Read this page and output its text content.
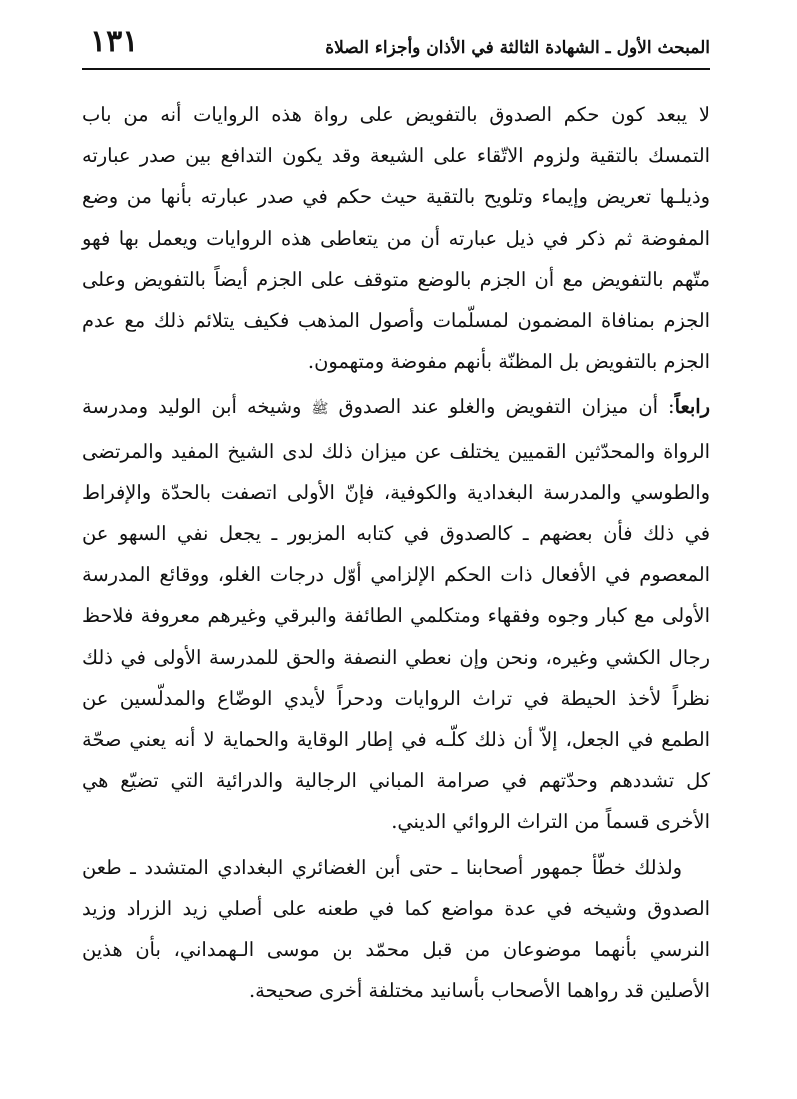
المبحث الأول ـ الشهادة الثالثة في الأذان وأجزاء الصلاة
١٣١

لا يبعد كون حكم الصدوق بالتفويض على رواة هذه الروايات أنه من باب التمسك بالتقية ولزوم الاتّقاء على الشيعة وقد يكون التدافع بين صدر عبارته وذيلـها تعريض وإيماء وتلويح بالتقية حيث حكم في صدر عبارته بأنها من وضع المفوضة ثم ذكر في ذيل عبارته أن من يتعاطى هذه الروايات ويعمل بها فهو متّهم بالتفويض مع أن الجزم بالوضع متوقف على الجزم أيضاً بالتفويض وعلى الجزم بمنافاة المضمون لمسلّمات وأصول المذهب فكيف يتلائم ذلك مع عدم الجزم بالتفويض بل المظنّة بأنهم مفوضة ومتهمون.

رابعاً: أن ميزان التفويض والغلو عند الصدوق ﷺ وشيخه أبن الوليد ومدرسة الرواة والمحدّثين القميين يختلف عن ميزان ذلك لدى الشيخ المفيد والمرتضى والطوسي والمدرسة البغدادية والكوفية، فإنّ الأولى اتصفت بالحدّة والإفراط في ذلك فأن بعضهم ـ كالصدوق في كتابه المزبور ـ يجعل نفي السهو عن المعصوم في الأفعال ذات الحكم الإلزامي أوّل درجات الغلو، ووقائع المدرسة الأولى مع كبار وجوه وفقهاء ومتكلمي الطائفة والبرقي وغيرهم معروفة فلاحظ رجال الكشي وغيره، ونحن وإن نعطي النصفة والحق للمدرسة الأولى في ذلك نظراً لأخذ الحيطة في تراث الروايات ودحراً لأيدي الوضّاع والمدلّسين عن الطمع في الجعل، إلاّ أن ذلك كلّـه في إطار الوقاية والحماية لا أنه يعني صحّة كل تشددهم وحدّتهم في صرامة المباني الرجالية والدرائية التي تضيّع هي الأخرى قسماً من التراث الروائي الديني.

ولذلك خطّأ جمهور أصحابنا ـ حتى أبن الغضائري البغدادي المتشدد ـ طعن الصدوق وشيخه في عدة مواضع كما في طعنه على أصلي زيد الزراد وزيد النرسي بأنهما موضوعان من قبل محمّد بن موسى الـهمداني، بأن هذين الأصلين قد رواهما الأصحاب بأسانيد مختلفة أخرى صحيحة.
